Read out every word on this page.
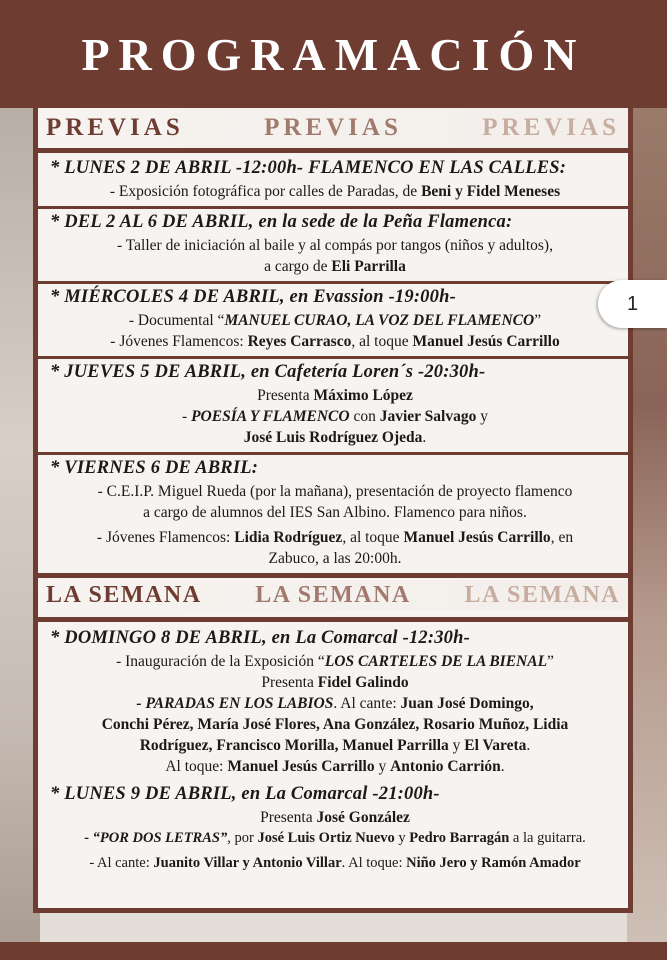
PROGRAMACIÓN
PREVIAS	PREVIAS	PREVIAS
* LUNES 2 DE ABRIL -12:00h- FLAMENCO EN LAS CALLES:
- Exposición fotográfica por calles de Paradas, de Beni y Fidel Meneses
* DEL 2 AL 6 DE ABRIL, en la sede de la Peña Flamenca:
- Taller de iniciación al baile y al compás por tangos (niños y adultos),
a cargo de Eli Parrilla
* MIÉRCOLES 4 DE ABRIL, en Evassion -19:00h-
- Documental “MANUEL CURAO, LA VOZ DEL FLAMENCO”
- Jóvenes Flamencos: Reyes Carrasco, al toque Manuel Jesús Carrillo
* JUEVES 5 DE ABRIL, en Cafetería Loren´s -20:30h-
Presenta Máximo López
- POESÍA Y FLAMENCO con Javier Salvago y
José Luis Rodríguez Ojeda.
* VIERNES 6 DE ABRIL:
- C.E.I.P. Miguel Rueda (por la mañana), presentación de proyecto flamenco
a cargo de alumnos del IES San Albino. Flamenco para niños.
- Jóvenes Flamencos: Lidia Rodríguez, al toque Manuel Jesús Carrillo, en
Zabuco, a las 20:00h.
LA SEMANA LA SEMANA LA SEMANA
* DOMINGO 8 DE ABRIL, en La Comarcal -12:30h-
- Inauguración de la Exposición “LOS CARTELES DE LA BIENAL”
Presenta Fidel Galindo
- PARADAS EN LOS LABIOS. Al cante: Juan José Domingo,
Conchi Pérez, María José Flores, Ana González, Rosario Muñoz, Lidia
Rodríguez, Francisco Morilla, Manuel Parrilla y El Vareta.
Al toque: Manuel Jesús Carrillo y Antonio Carrión.
* LUNES 9 DE ABRIL, en La Comarcal -21:00h-
Presenta José González
- “POR DOS LETRAS”, por José Luis Ortiz Nuevo y Pedro Barragán a la guitarra.
- Al cante: Juanito Villar y Antonio Villar. Al toque: Niño Jero y Ramón Amador
1
